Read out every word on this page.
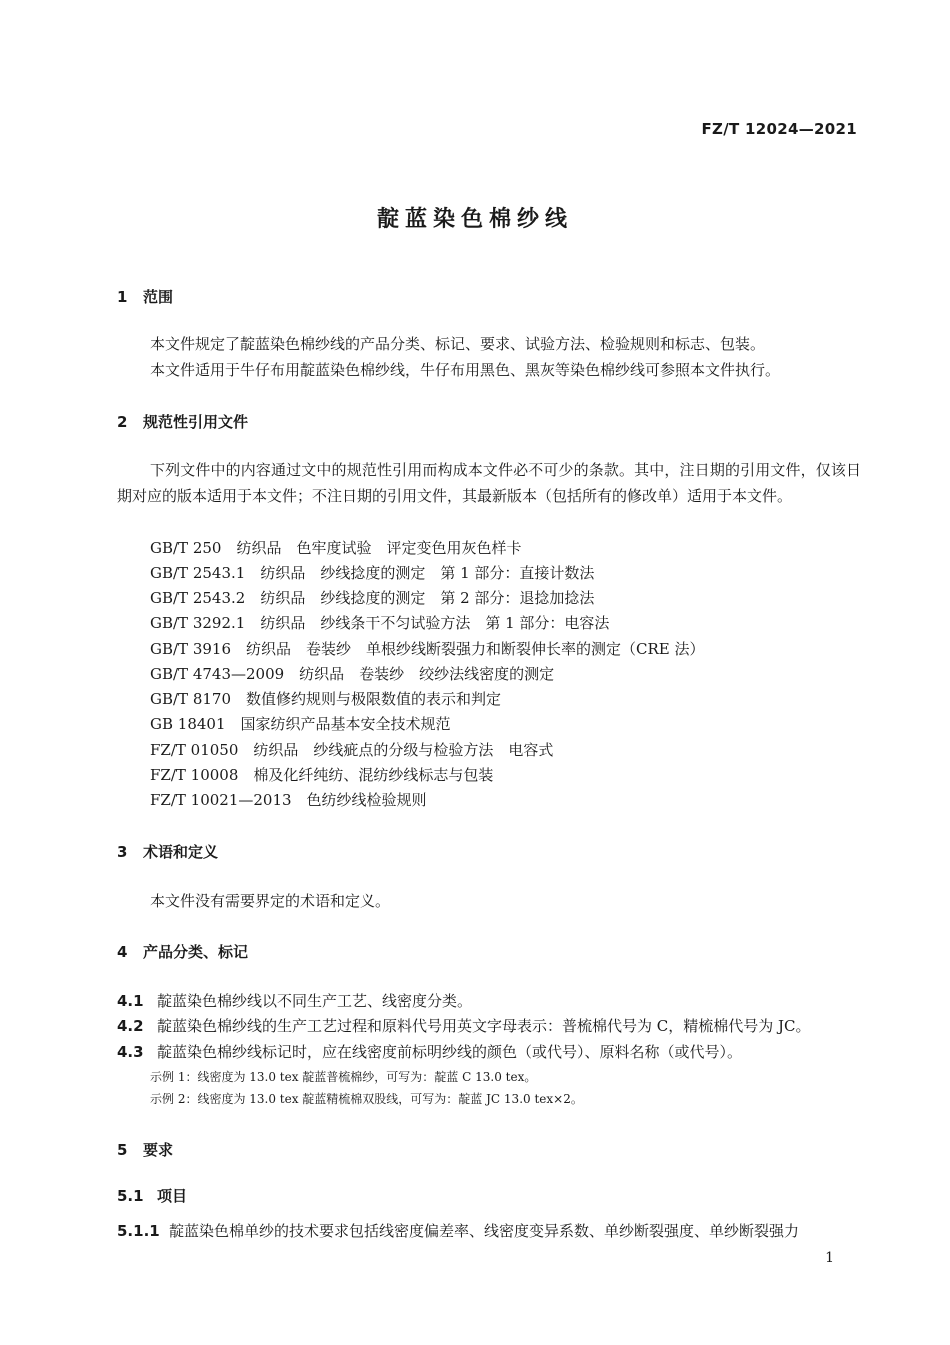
FZ/T 12024—2021
靛蓝染色棉纱线
1 范围
本文件规定了靛蓝染色棉纱线的产品分类、标记、要求、试验方法、检验规则和标志、包装。
本文件适用于牛仔布用靛蓝染色棉纱线，牛仔布用黑色、黑灰等染色棉纱线可参照本文件执行。
2 规范性引用文件
下列文件中的内容通过文中的规范性引用而构成本文件必不可少的条款。其中，注日期的引用文件，仅该日期对应的版本适用于本文件；不注日期的引用文件，其最新版本（包括所有的修改单）适用于本文件。
GB/T 250　纺织品　色牢度试验　评定变色用灰色样卡
GB/T 2543.1　纺织品　纱线捻度的测定　第 1 部分：直接计数法
GB/T 2543.2　纺织品　纱线捻度的测定　第 2 部分：退捻加捻法
GB/T 3292.1　纺织品　纱线条干不匀试验方法　第 1 部分：电容法
GB/T 3916　纺织品　卷装纱　单根纱线断裂强力和断裂伸长率的测定（CRE 法）
GB/T 4743—2009　纺织品　卷装纱　绞纱法线密度的测定
GB/T 8170　数值修约规则与极限数值的表示和判定
GB 18401　国家纺织产品基本安全技术规范
FZ/T 01050　纺织品　纱线疵点的分级与检验方法　电容式
FZ/T 10008　棉及化纤纯纺、混纺纱线标志与包装
FZ/T 10021—2013　色纺纱线检验规则
3 术语和定义
本文件没有需要界定的术语和定义。
4 产品分类、标记
4.1 靛蓝染色棉纱线以不同生产工艺、线密度分类。
4.2 靛蓝染色棉纱线的生产工艺过程和原料代号用英文字母表示：普梳棉代号为 C，精梳棉代号为 JC。
4.3 靛蓝染色棉纱线标记时，应在线密度前标明纱线的颜色（或代号）、原料名称（或代号）。
示例 1：线密度为 13.0 tex 靛蓝普梳棉纱，可写为：靛蓝 C 13.0 tex。
示例 2：线密度为 13.0 tex 靛蓝精梳棉双股线，可写为：靛蓝 JC 13.0 tex×2。
5 要求
5.1 项目
5.1.1 靛蓝染色棉单纱的技术要求包括线密度偏差率、线密度变异系数、单纱断裂强度、单纱断裂强力
1
